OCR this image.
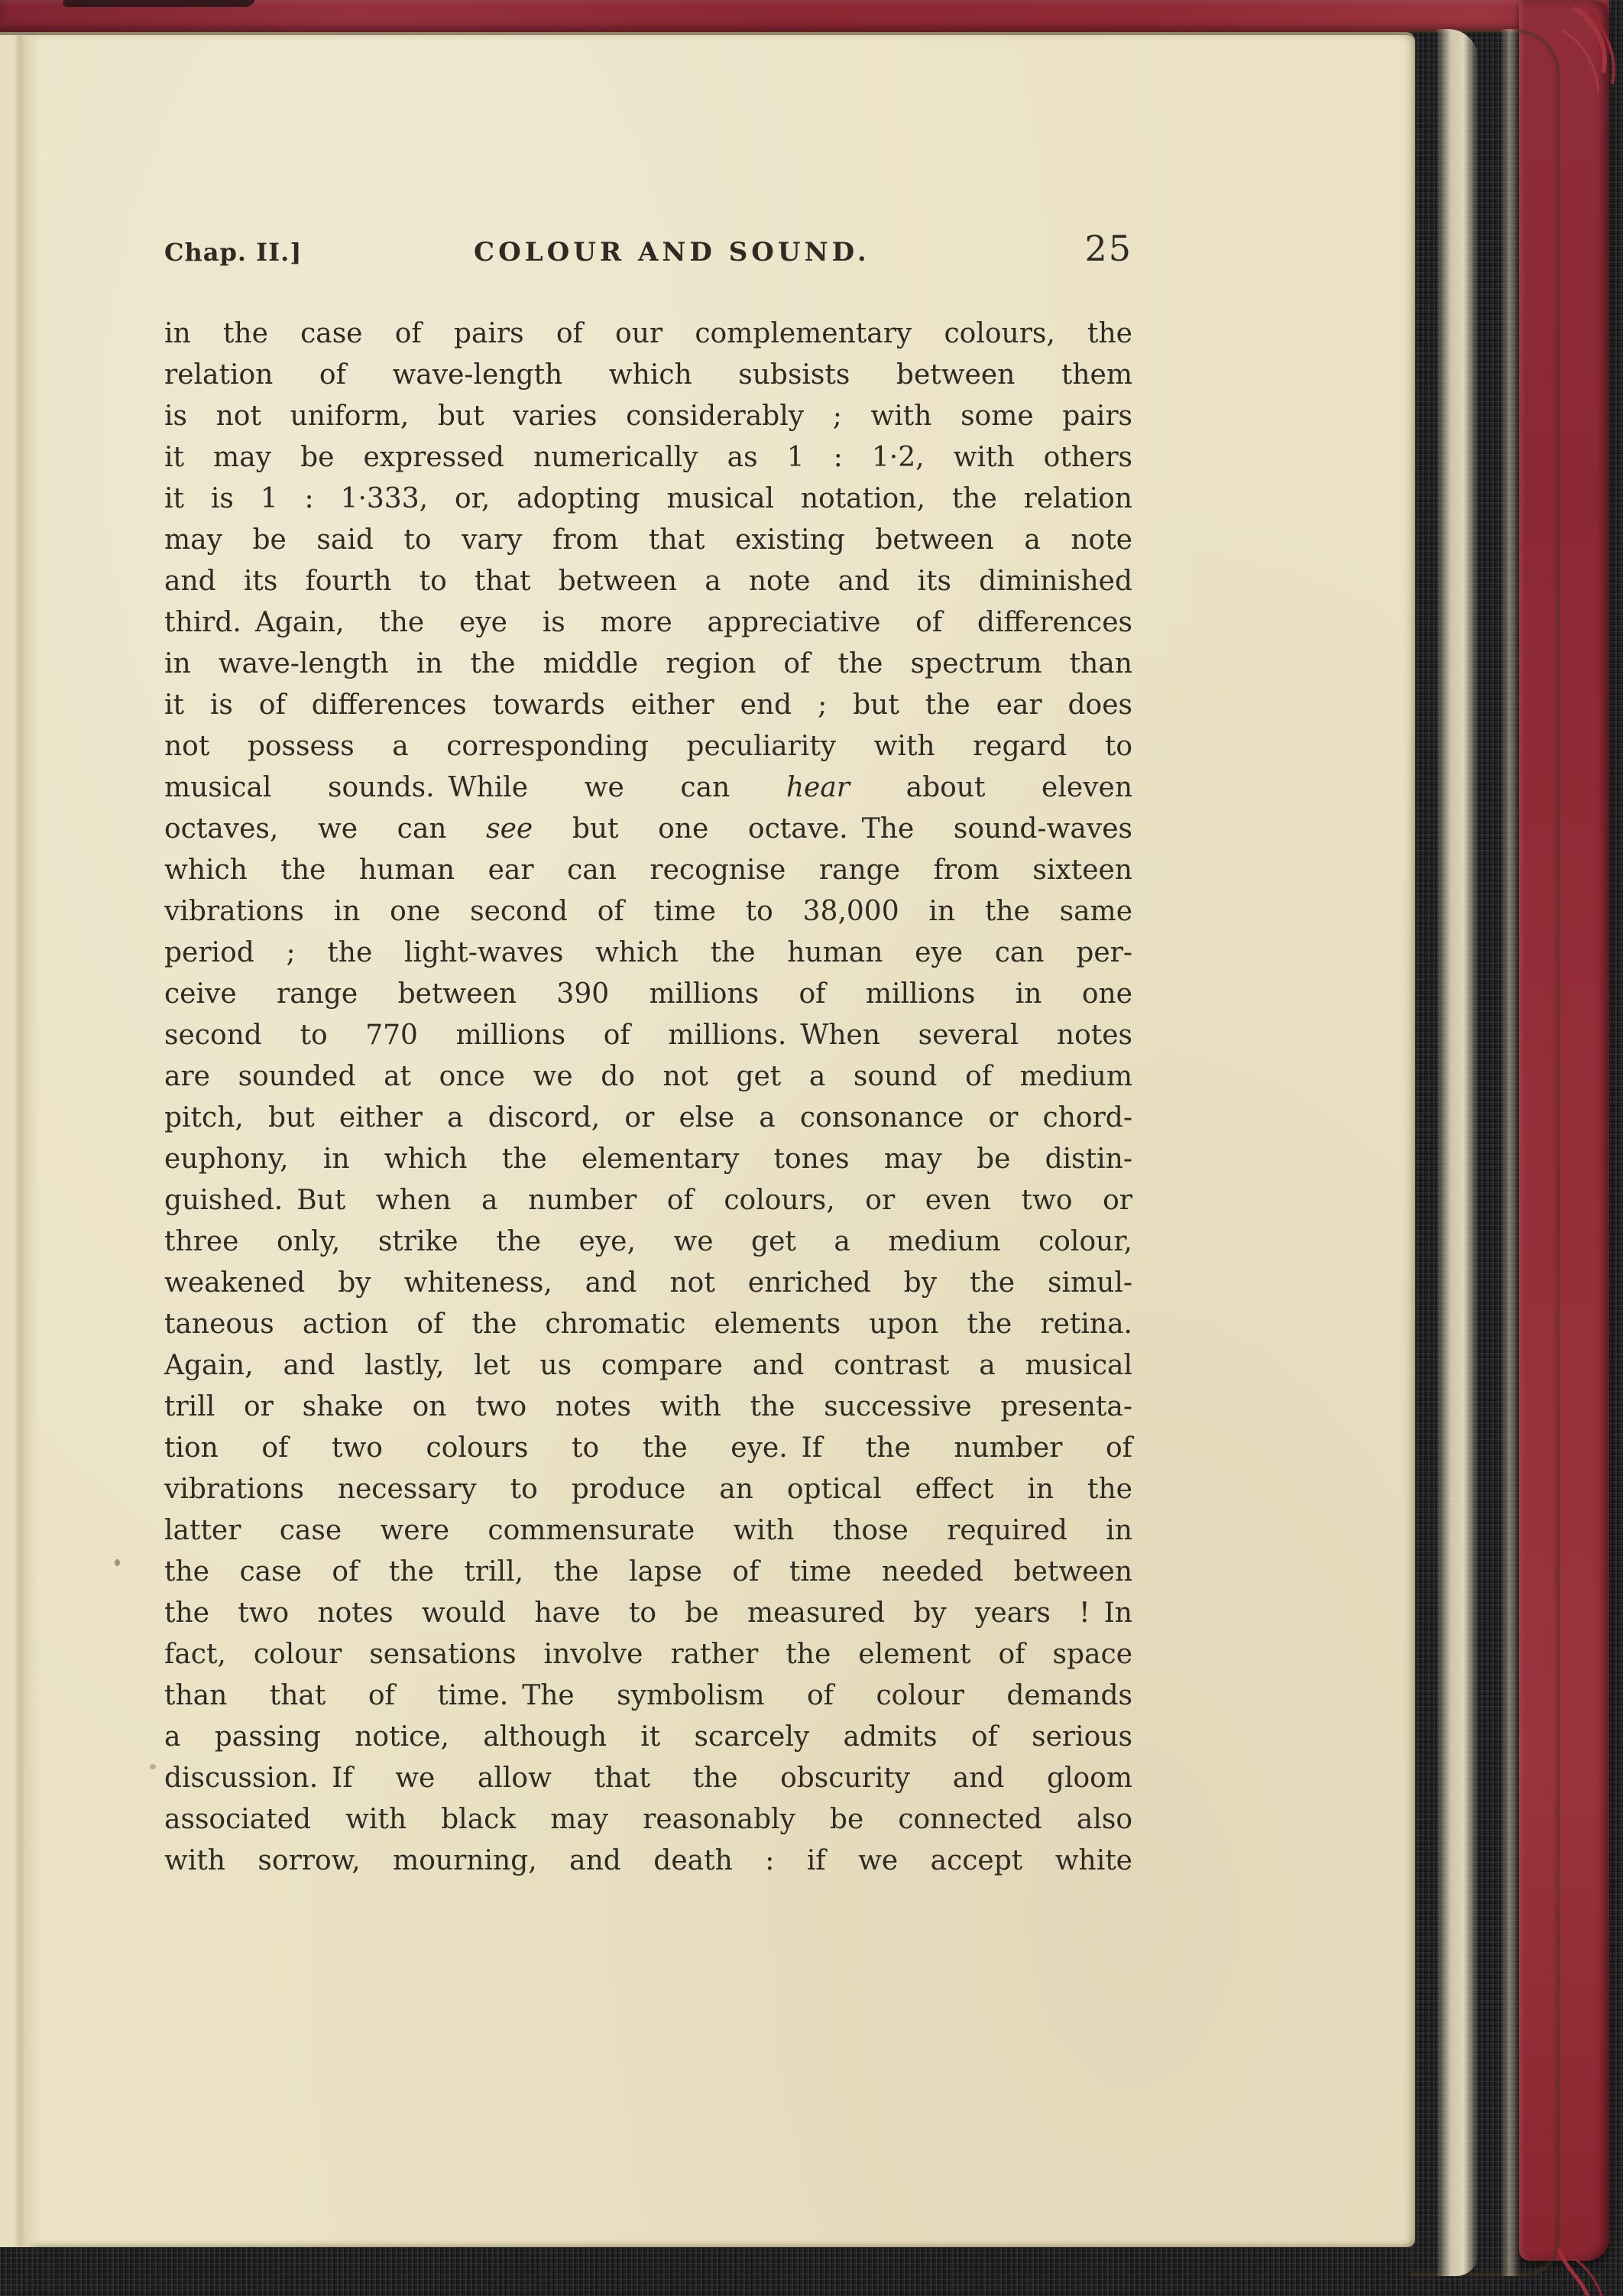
Chap. II.]	COLOUR AND SOUND.	25
in the case of pairs of our complementary colours, the
relation of wave-length which subsists between them
is not uniform, but varies considerably ; with some pairs
it may be expressed numerically as 1 : 1·2, with others
it is 1 : 1·333, or, adopting musical notation, the relation
may be said to vary from that existing between a note
and its fourth to that between a note and its diminished
third. Again, the eye is more appreciative of differences
in wave-length in the middle region of the spectrum than
it is of differences towards either end ; but the ear does
not possess a corresponding peculiarity with regard to
musical sounds. While we can hear about eleven
octaves, we can see but one octave. The sound-waves
which the human ear can recognise range from sixteen
vibrations in one second of time to 38,000 in the same
period ; the light-waves which the human eye can per-
ceive range between 390 millions of millions in one
second to 770 millions of millions. When several notes
are sounded at once we do not get a sound of medium
pitch, but either a discord, or else a consonance or chord-
euphony, in which the elementary tones may be distin-
guished. But when a number of colours, or even two or
three only, strike the eye, we get a medium colour,
weakened by whiteness, and not enriched by the simul-
taneous action of the chromatic elements upon the retina.
Again, and lastly, let us compare and contrast a musical
trill or shake on two notes with the successive presenta-
tion of two colours to the eye. If the number of
vibrations necessary to produce an optical effect in the
latter case were commensurate with those required in
the case of the trill, the lapse of time needed between
the two notes would have to be measured by years ! In
fact, colour sensations involve rather the element of space
than that of time. The symbolism of colour demands
a passing notice, although it scarcely admits of serious
discussion. If we allow that the obscurity and gloom
associated with black may reasonably be connected also
with sorrow, mourning, and death : if we accept white
